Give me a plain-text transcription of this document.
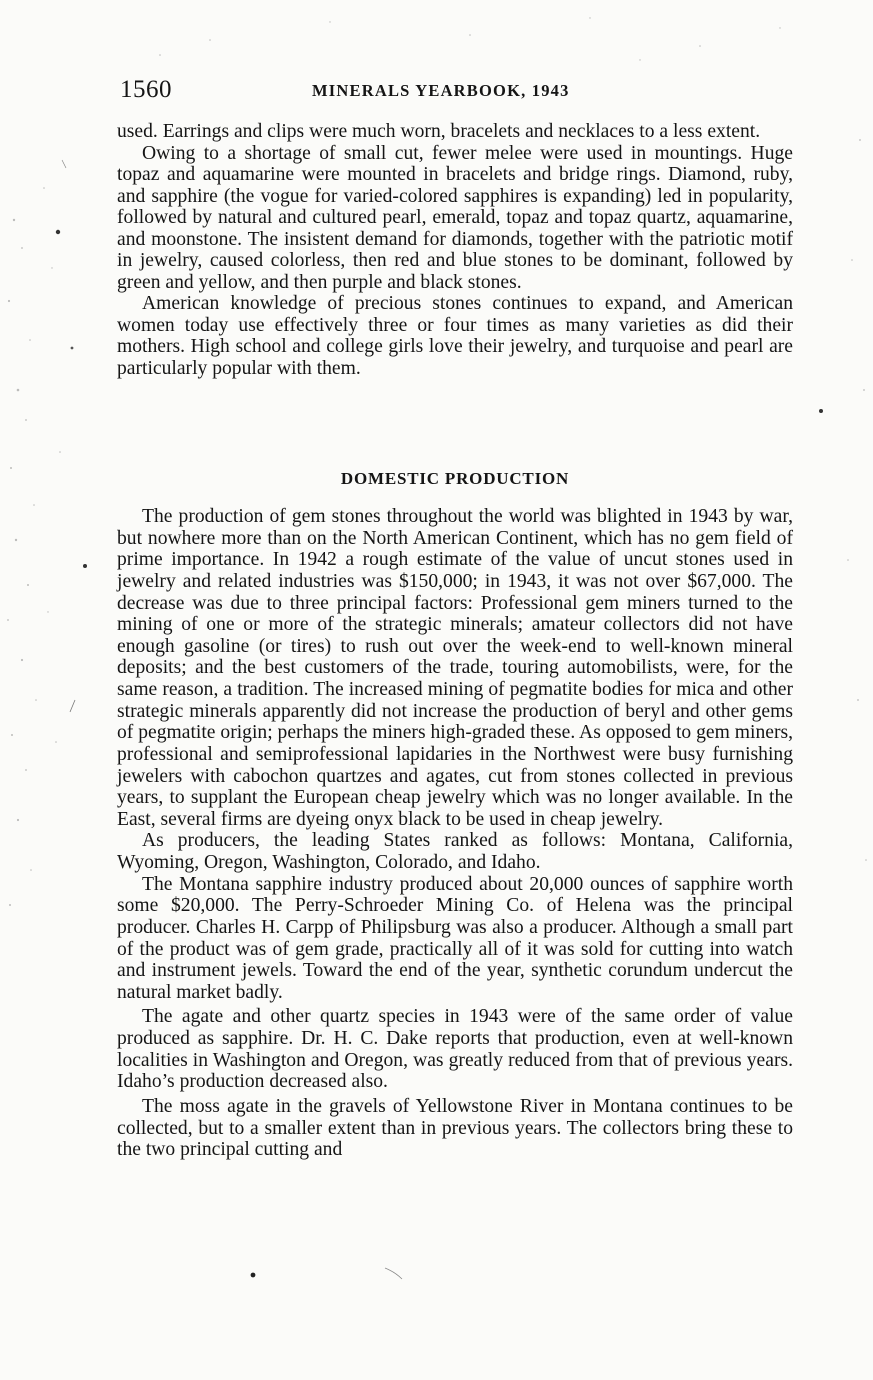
1560	MINERALS YEARBOOK, 1943

used. Earrings and clips were much worn, bracelets and necklaces to a less extent.

Owing to a shortage of small cut, fewer melee were used in mountings. Huge topaz and aquamarine were mounted in bracelets and bridge rings. Diamond, ruby, and sapphire (the vogue for varied-colored sapphires is expanding) led in popularity, followed by natural and cultured pearl, emerald, topaz and topaz quartz, aquamarine, and moonstone. The insistent demand for diamonds, together with the patriotic motif in jewelry, caused colorless, then red and blue stones to be dominant, followed by green and yellow, and then purple and black stones.

American knowledge of precious stones continues to expand, and American women today use effectively three or four times as many varieties as did their mothers. High school and college girls love their jewelry, and turquoise and pearl are particularly popular with them.

DOMESTIC PRODUCTION

The production of gem stones throughout the world was blighted in 1943 by war, but nowhere more than on the North American Continent, which has no gem field of prime importance. In 1942 a rough estimate of the value of uncut stones used in jewelry and related industries was $150,000; in 1943, it was not over $67,000. The decrease was due to three principal factors: Professional gem miners turned to the mining of one or more of the strategic minerals; amateur collectors did not have enough gasoline (or tires) to rush out over the week-end to well-known mineral deposits; and the best customers of the trade, touring automobilists, were, for the same reason, a tradition. The increased mining of pegmatite bodies for mica and other strategic minerals apparently did not increase the production of beryl and other gems of pegmatite origin; perhaps the miners high-graded these. As opposed to gem miners, professional and semiprofessional lapidaries in the Northwest were busy furnishing jewelers with cabochon quartzes and agates, cut from stones collected in previous years, to supplant the European cheap jewelry which was no longer available. In the East, several firms are dyeing onyx black to be used in cheap jewelry.

As producers, the leading States ranked as follows: Montana, California, Wyoming, Oregon, Washington, Colorado, and Idaho.

The Montana sapphire industry produced about 20,000 ounces of sapphire worth some $20,000. The Perry-Schroeder Mining Co. of Helena was the principal producer. Charles H. Carpp of Philipsburg was also a producer. Although a small part of the product was of gem grade, practically all of it was sold for cutting into watch and instrument jewels. Toward the end of the year, synthetic corundum undercut the natural market badly.

The agate and other quartz species in 1943 were of the same order of value produced as sapphire. Dr. H. C. Dake reports that production, even at well-known localities in Washington and Oregon, was greatly reduced from that of previous years. Idaho’s production decreased also.

The moss agate in the gravels of Yellowstone River in Montana continues to be collected, but to a smaller extent than in previous years. The collectors bring these to the two principal cutting and
